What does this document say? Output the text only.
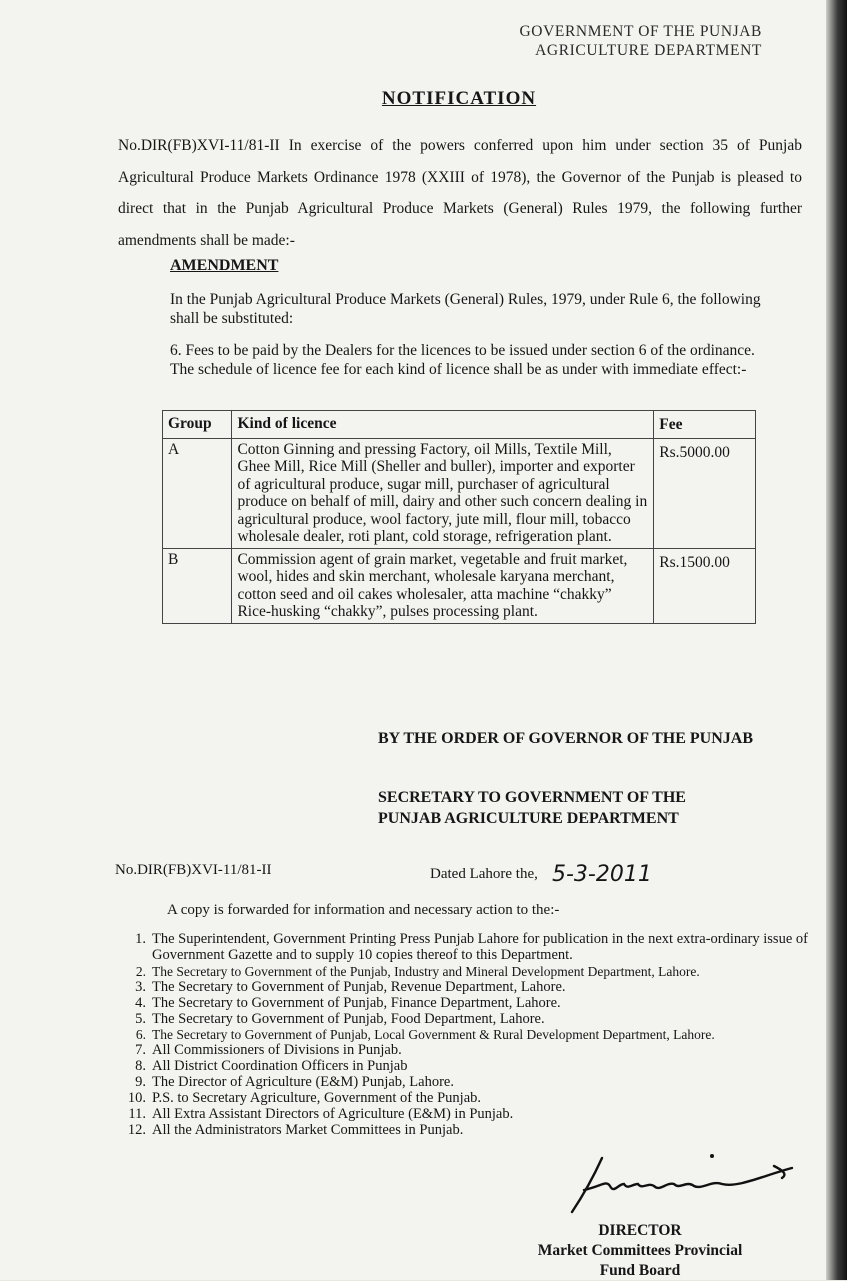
GOVERNMENT OF THE PUNJAB
AGRICULTURE DEPARTMENT
NOTIFICATION
No.DIR(FB)XVI-11/81-II In exercise of the powers conferred upon him under section 35 of Punjab Agricultural Produce Markets Ordinance 1978 (XXIII of 1978), the Governor of the Punjab is pleased to direct that in the Punjab Agricultural Produce Markets (General) Rules 1979, the following further amendments shall be made:-
AMENDMENT
In the Punjab Agricultural Produce Markets (General) Rules, 1979, under Rule 6, the following shall be substituted:
6. Fees to be paid by the Dealers for the licences to be issued under section 6 of the ordinance. The schedule of licence fee for each kind of licence shall be as under with immediate effect:-
Group	Kind of licence	Fee
A	Cotton Ginning and pressing Factory, oil Mills, Textile Mill, Ghee Mill, Rice Mill (Sheller and buller), importer and exporter of agricultural produce, sugar mill, purchaser of agricultural produce on behalf of mill, dairy and other such concern dealing in agricultural produce, wool factory, jute mill, flour mill, tobacco wholesale dealer, roti plant, cold storage, refrigeration plant.	Rs.5000.00
B	Commission agent of grain market, vegetable and fruit market, wool, hides and skin merchant, wholesale karyana merchant, cotton seed and oil cakes wholesaler, atta machine “chakky” Rice-husking “chakky”, pulses processing plant.	Rs.1500.00
BY THE ORDER OF GOVERNOR OF THE PUNJAB
SECRETARY TO GOVERNMENT OF THE
PUNJAB AGRICULTURE DEPARTMENT
No.DIR(FB)XVI-11/81-II	Dated Lahore the, 5-3-2011
A copy is forwarded for information and necessary action to the:-
1. The Superintendent, Government Printing Press Punjab Lahore for publication in the next extra-ordinary issue of Government Gazette and to supply 10 copies thereof to this Department.
2. The Secretary to Government of the Punjab, Industry and Mineral Development Department, Lahore.
3. The Secretary to Government of Punjab, Revenue Department, Lahore.
4. The Secretary to Government of Punjab, Finance Department, Lahore.
5. The Secretary to Government of Punjab, Food Department, Lahore.
6. The Secretary to Government of Punjab, Local Government & Rural Development Department, Lahore.
7. All Commissioners of Divisions in Punjab.
8. All District Coordination Officers in Punjab
9. The Director of Agriculture (E&M) Punjab, Lahore.
10. P.S. to Secretary Agriculture, Government of the Punjab.
11. All Extra Assistant Directors of Agriculture (E&M) in Punjab.
12. All the Administrators Market Committees in Punjab.
DIRECTOR
Market Committees Provincial
Fund Board
